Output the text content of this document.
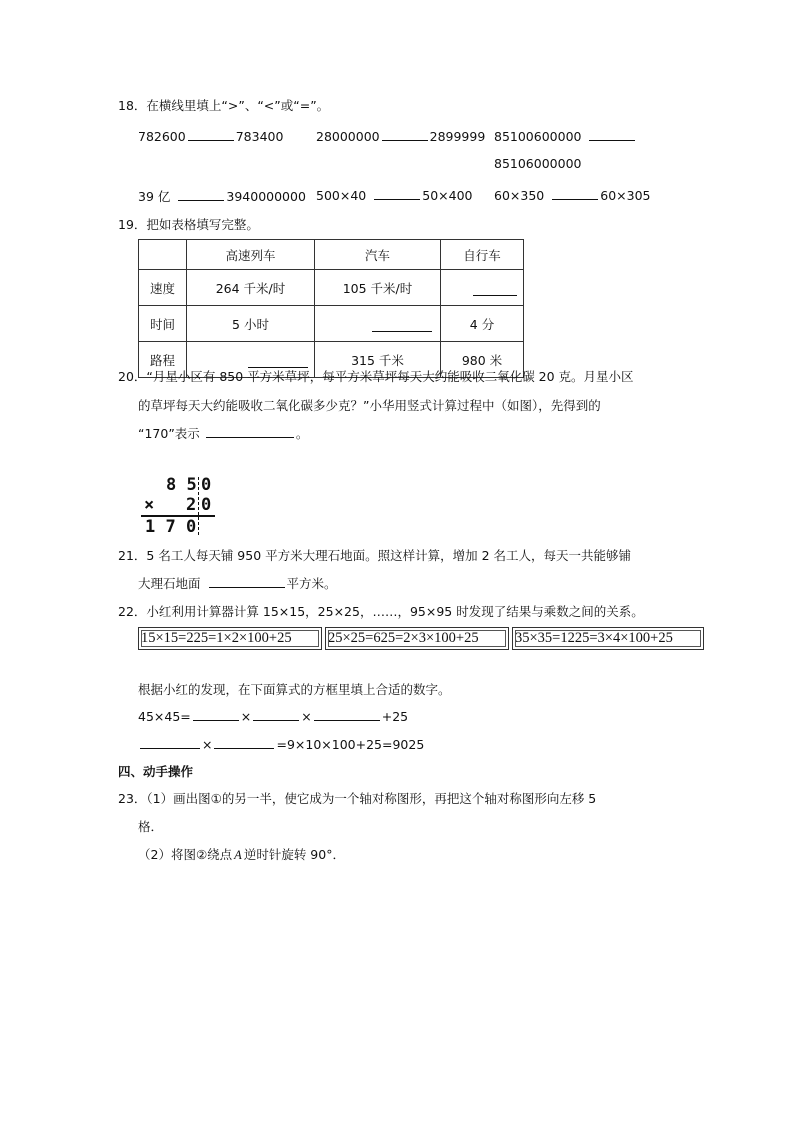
18．在横线里填上“>”、“<”或“=”。
782600	783400	28000000	2899999 85100600000
85106000000
39 亿	3940000000 500×40	50×400 60×350	60×305
19．把如表格填写完整。
	高速列车	汽车	自行车
速度	264 千米/时	105 千米/时	
时间	5 小时		4 分
路程		315 千米	980 米
20．“月星小区有 850 平方米草坪，每平方米草坪每天大约能吸收二氧化碳 20 克。月星小区
的草坪每天大约能吸收二氧化碳多少克？”小华用竖式计算过程中（如图），先得到的
“170”表示	。
8 5 0
× 2 0
1 7 0
21．5 名工人每天铺 950 平方米大理石地面。照这样计算，增加 2 名工人，每天一共能够铺
大理石地面	平方米。
22．小红利用计算器计算 15×15，25×25，……，95×95 时发现了结果与乘数之间的关系。
15×15=225=1×2×100+25	25×25=625=2×3×100+25	35×35=1225=3×4×100+25
根据小红的发现，在下面算式的方框里填上合适的数字。
45×45=	×	×	+25
×	=9×10×100+25=9025
四、动手操作
23．（1）画出图①的另一半，使它成为一个轴对称图形，再把这个轴对称图形向左移 5
格．
（2）将图②绕点 A 逆时针旋转 90°．
